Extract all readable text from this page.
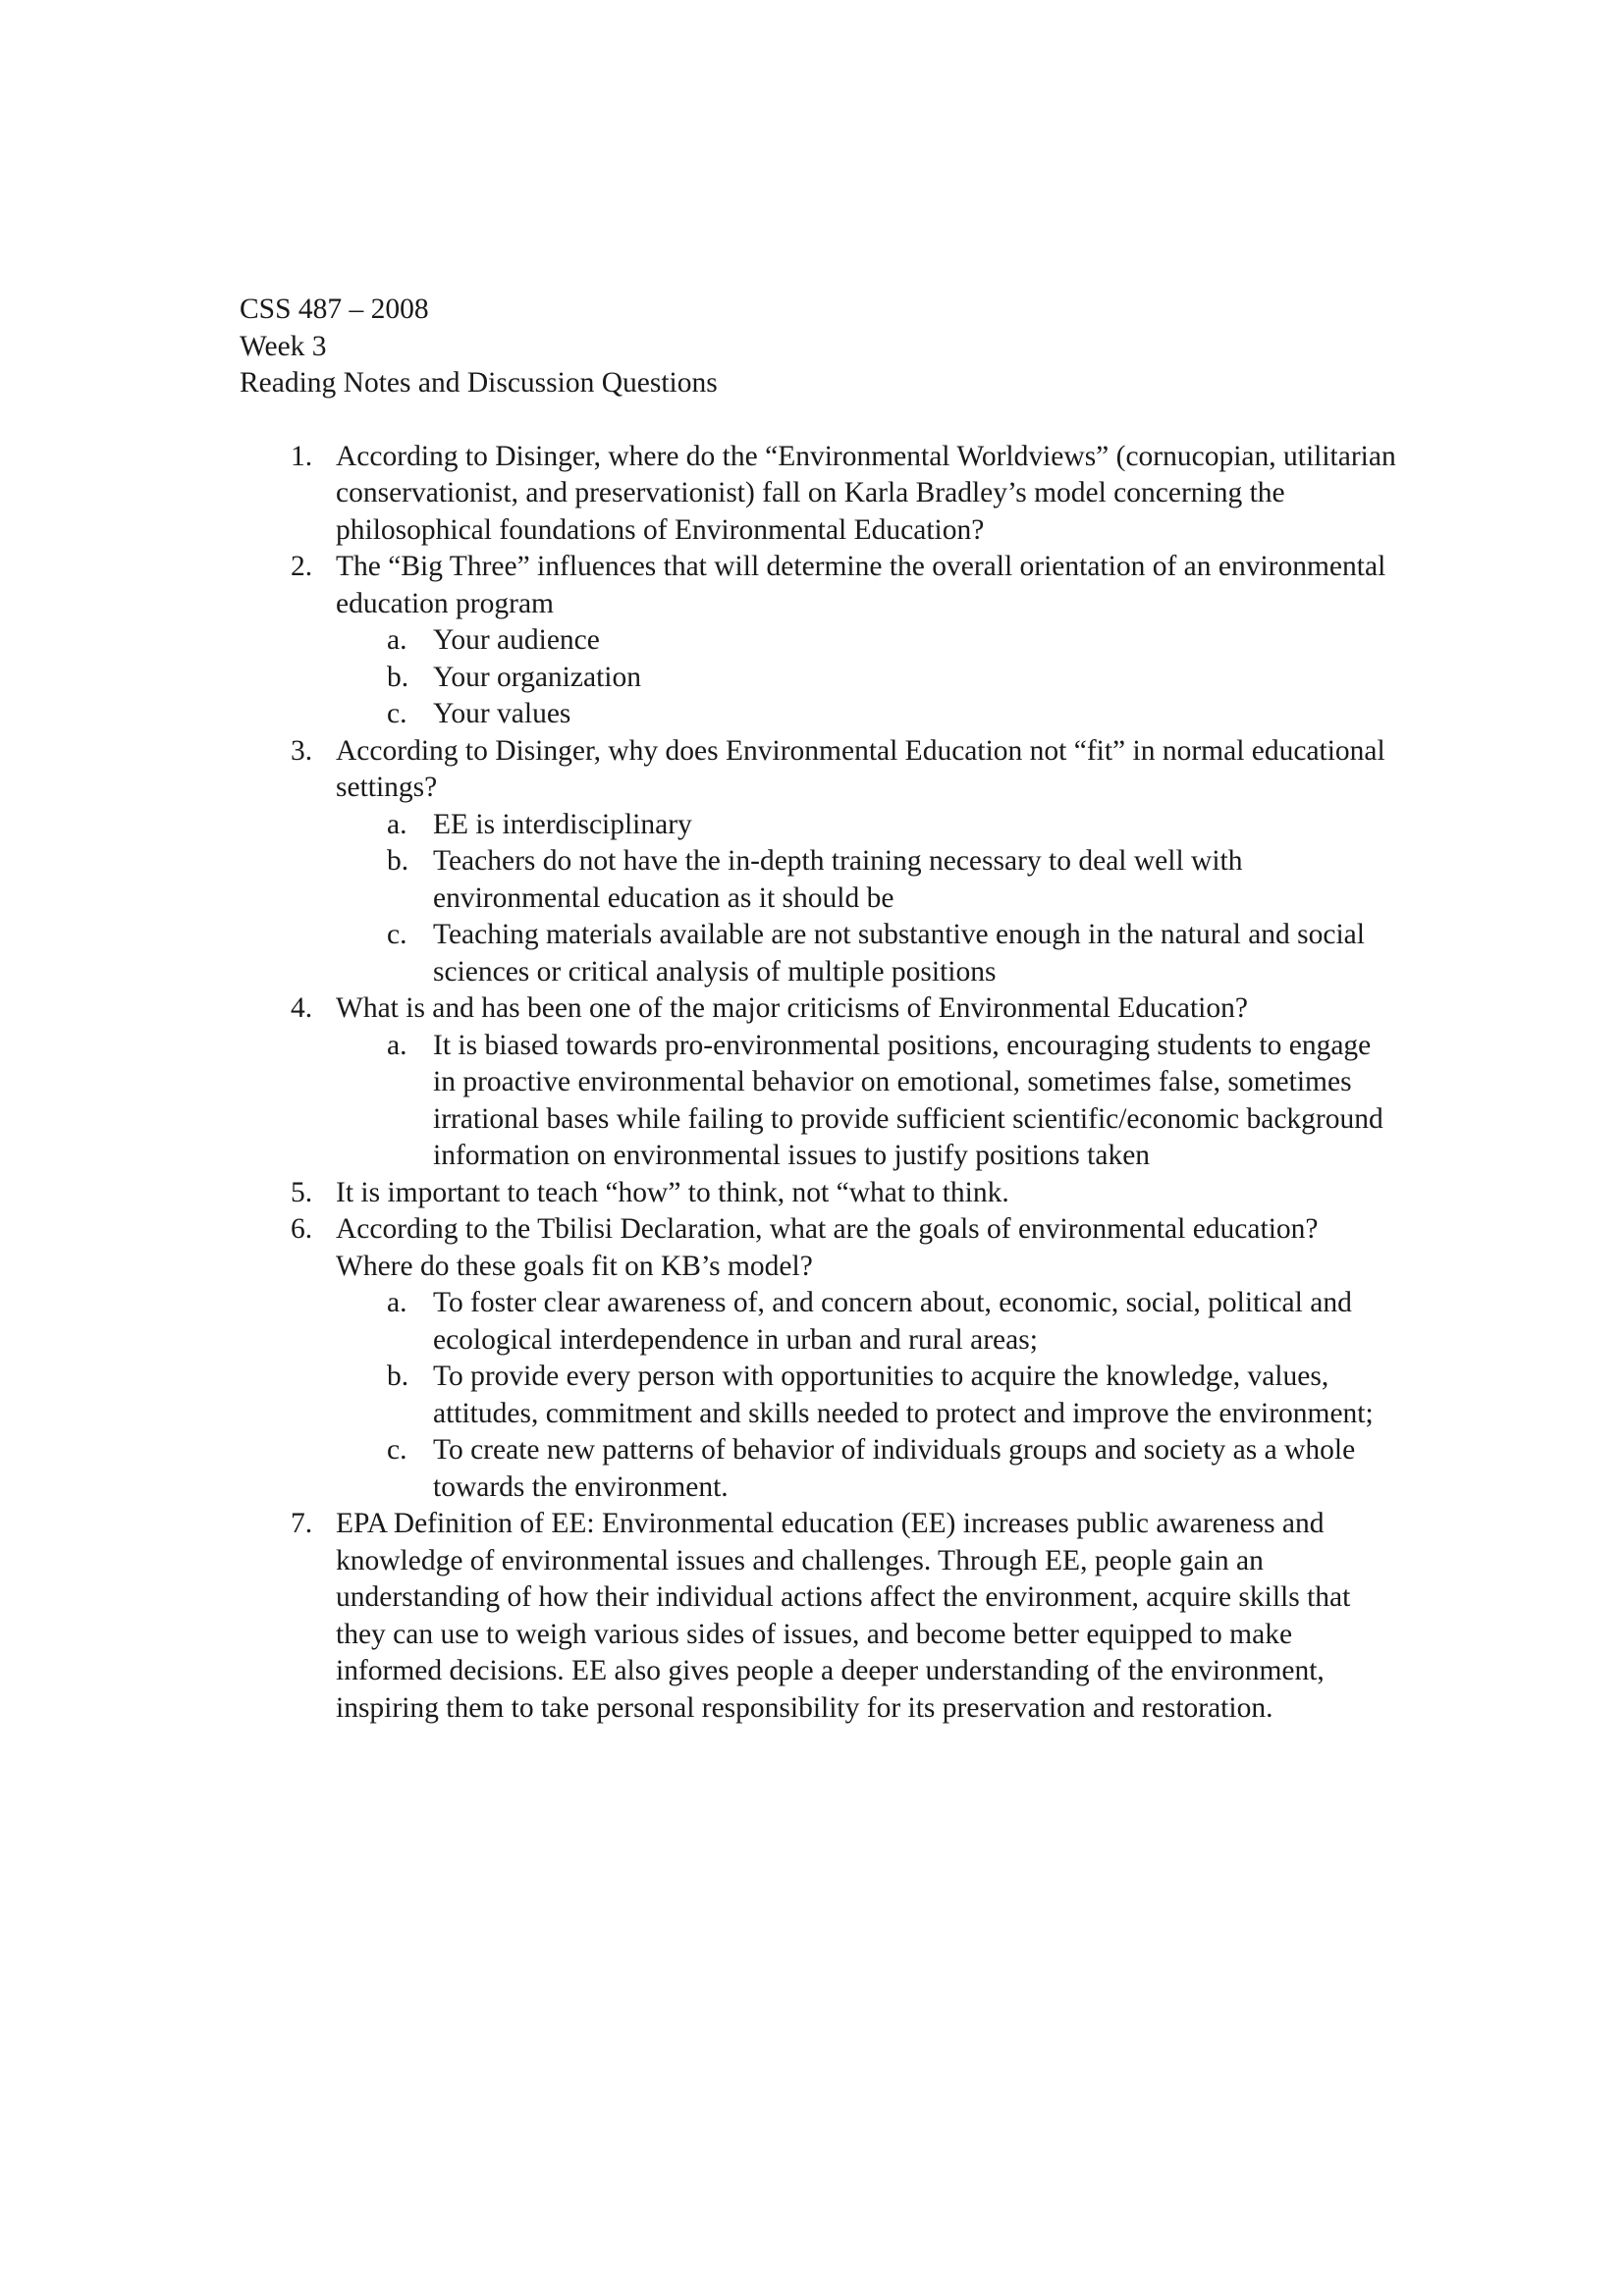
CSS 487 – 2008
Week 3
Reading Notes and Discussion Questions
1. According to Disinger, where do the “Environmental Worldviews” (cornucopian, utilitarian conservationist, and preservationist) fall on Karla Bradley’s model concerning the philosophical foundations of Environmental Education?
2. The “Big Three” influences that will determine the overall orientation of an environmental education program
a. Your audience
b. Your organization
c. Your values
3. According to Disinger, why does Environmental Education not “fit” in normal educational settings?
a. EE is interdisciplinary
b. Teachers do not have the in-depth training necessary to deal well with environmental education as it should be
c. Teaching materials available are not substantive enough in the natural and social sciences or critical analysis of multiple positions
4. What is and has been one of the major criticisms of Environmental Education?
a. It is biased towards pro-environmental positions, encouraging students to engage in proactive environmental behavior on emotional, sometimes false, sometimes irrational bases while failing to provide sufficient scientific/economic background information on environmental issues to justify positions taken
5. It is important to teach “how” to think, not “what to think.
6. According to the Tbilisi Declaration, what are the goals of environmental education? Where do these goals fit on KB’s model?
a. To foster clear awareness of, and concern about, economic, social, political and ecological interdependence in urban and rural areas;
b. To provide every person with opportunities to acquire the knowledge, values, attitudes, commitment and skills needed to protect and improve the environment;
c. To create new patterns of behavior of individuals groups and society as a whole towards the environment.
7. EPA Definition of EE: Environmental education (EE) increases public awareness and knowledge of environmental issues and challenges. Through EE, people gain an understanding of how their individual actions affect the environment, acquire skills that they can use to weigh various sides of issues, and become better equipped to make informed decisions. EE also gives people a deeper understanding of the environment, inspiring them to take personal responsibility for its preservation and restoration.
